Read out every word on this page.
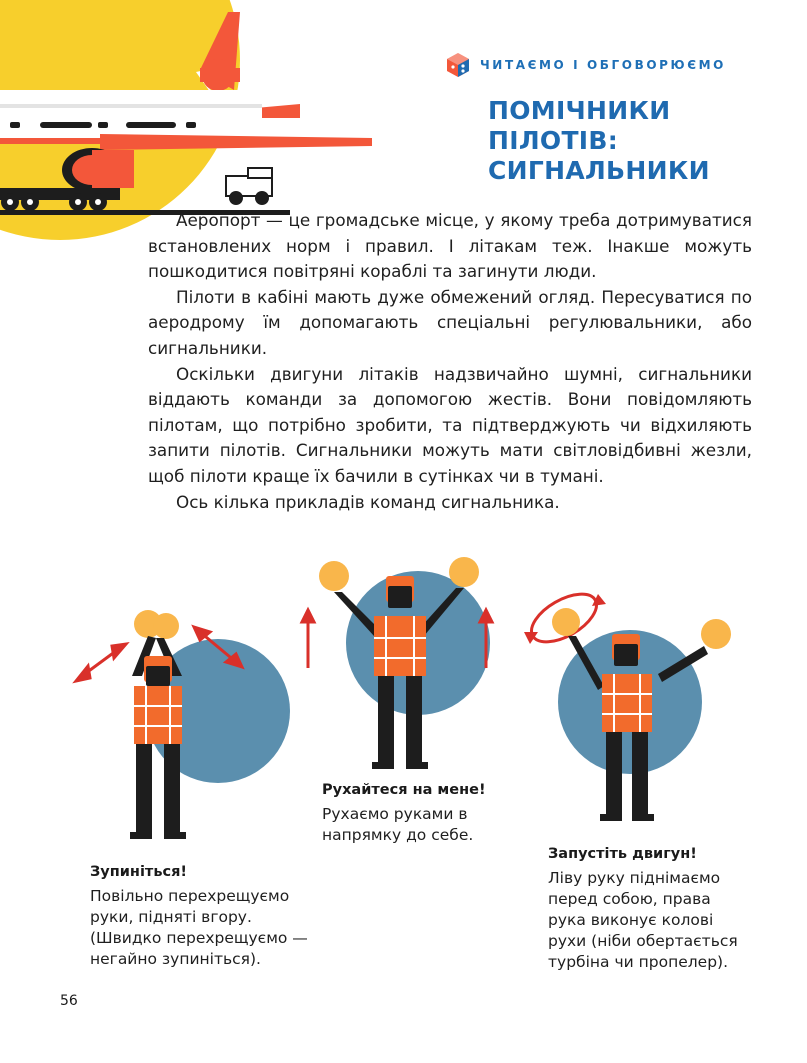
ЧИТАЄМО І ОБГОВОРЮЄМО
ПОМІЧНИКИ
ПІЛОТІВ:
СИГНАЛЬНИКИ

Аеропорт — це громадське місце, у якому треба дотримуватися встановлених норм і правил. І літакам теж. Інакше можуть пошкодитися повітряні кораблі та загинути люди.

Пілоти в кабіні мають дуже обмежений огляд. Пересуватися по аеродрому їм допомагають спеціальні регулювальники, або сигнальники.

Оскільки двигуни літаків надзвичайно шумні, сигнальники віддають команди за допомогою жестів. Вони повідомляють пілотам, що потрібно зробити, та підтверджують чи відхиляють запити пілотів. Сигнальники можуть мати світловідбивні жезли, щоб пілоти краще їх бачили в сутінках чи в тумані.

Ось кілька прикладів команд сигнальника.

Зупиніться!

Повільно перехрещуємо
руки, підняті вгору.
(Швидко перехрещуємо —
негайно зупиніться).

Рухайтеся на мене!

Рухаємо руками в
напрямку до себе.

Запустіть двигун!

Ліву руку піднімаємо
перед собою, права
рука виконує колові
рухи (ніби обертається
турбіна чи пропелер).

56
